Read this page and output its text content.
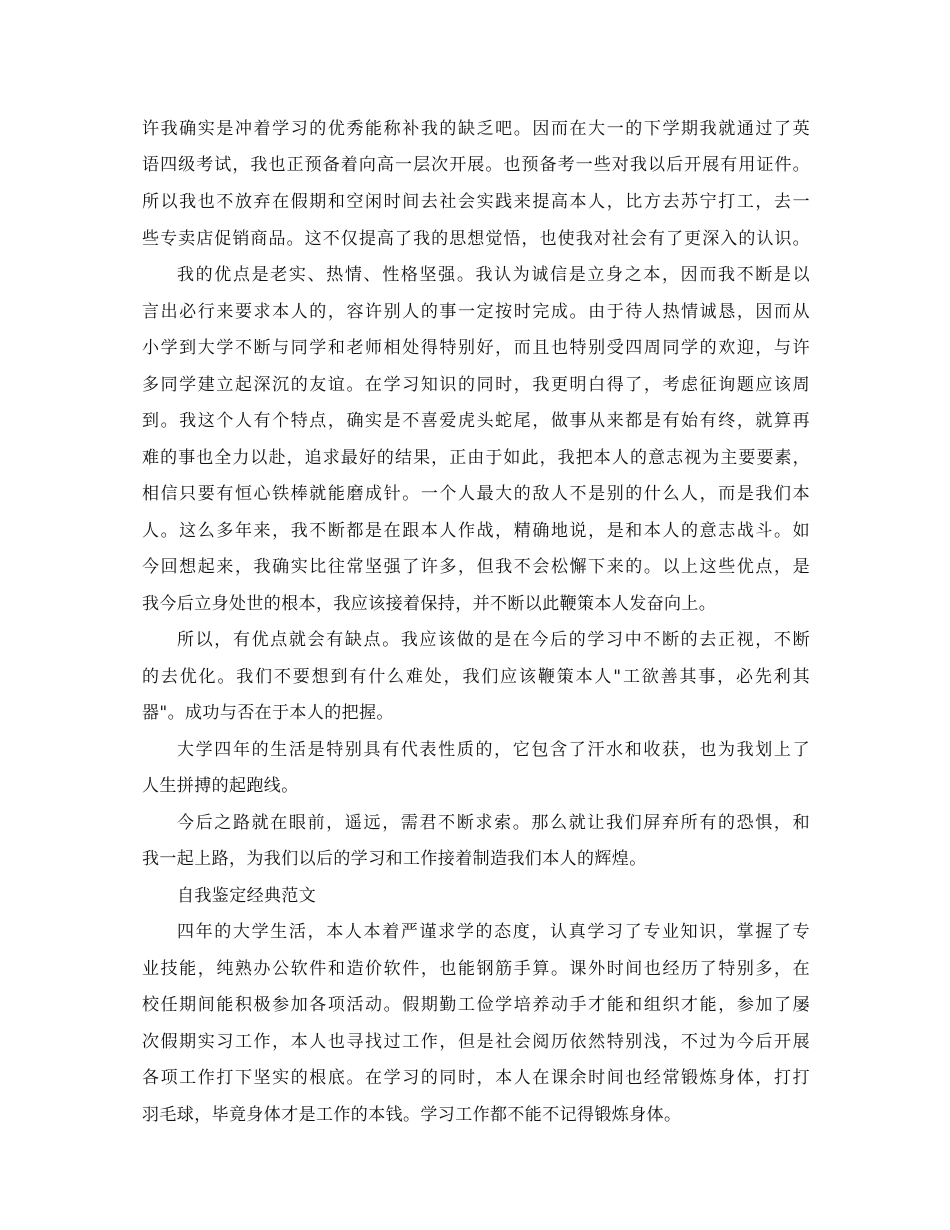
许我确实是冲着学习的优秀能称补我的缺乏吧。因而在大一的下学期我就通过了英
语四级考试，我也正预备着向高一层次开展。也预备考一些对我以后开展有用证件。
所以我也不放弃在假期和空闲时间去社会实践来提高本人，比方去苏宁打工，去一
些专卖店促销商品。这不仅提高了我的思想觉悟，也使我对社会有了更深入的认识。
我的优点是老实、热情、性格坚强。我认为诚信是立身之本，因而我不断是以
言出必行来要求本人的，容许别人的事一定按时完成。由于待人热情诚恳，因而从
小学到大学不断与同学和老师相处得特别好，而且也特别受四周同学的欢迎，与许
多同学建立起深沉的友谊。在学习知识的同时，我更明白得了，考虑征询题应该周
到。我这个人有个特点，确实是不喜爱虎头蛇尾，做事从来都是有始有终，就算再
难的事也全力以赴，追求最好的结果，正由于如此，我把本人的意志视为主要要素，
相信只要有恒心铁棒就能磨成针。一个人最大的敌人不是别的什么人，而是我们本
人。这么多年来，我不断都是在跟本人作战，精确地说，是和本人的意志战斗。如
今回想起来，我确实比往常坚强了许多，但我不会松懈下来的。以上这些优点，是
我今后立身处世的根本，我应该接着保持，并不断以此鞭策本人发奋向上。
所以，有优点就会有缺点。我应该做的是在今后的学习中不断的去正视，不断
的去优化。我们不要想到有什么难处，我们应该鞭策本人"工欲善其事，必先利其
器"。成功与否在于本人的把握。
大学四年的生活是特别具有代表性质的，它包含了汗水和收获，也为我划上了
人生拼搏的起跑线。
今后之路就在眼前，遥远，需君不断求索。那么就让我们屏弃所有的恐惧，和
我一起上路，为我们以后的学习和工作接着制造我们本人的辉煌。
自我鉴定经典范文
四年的大学生活，本人本着严谨求学的态度，认真学习了专业知识，掌握了专
业技能，纯熟办公软件和造价软件，也能钢筋手算。课外时间也经历了特别多，在
校任期间能积极参加各项活动。假期勤工俭学培养动手才能和组织才能，参加了屡
次假期实习工作，本人也寻找过工作，但是社会阅历依然特别浅，不过为今后开展
各项工作打下坚实的根底。在学习的同时，本人在课余时间也经常锻炼身体，打打
羽毛球，毕竟身体才是工作的本钱。学习工作都不能不记得锻炼身体。
